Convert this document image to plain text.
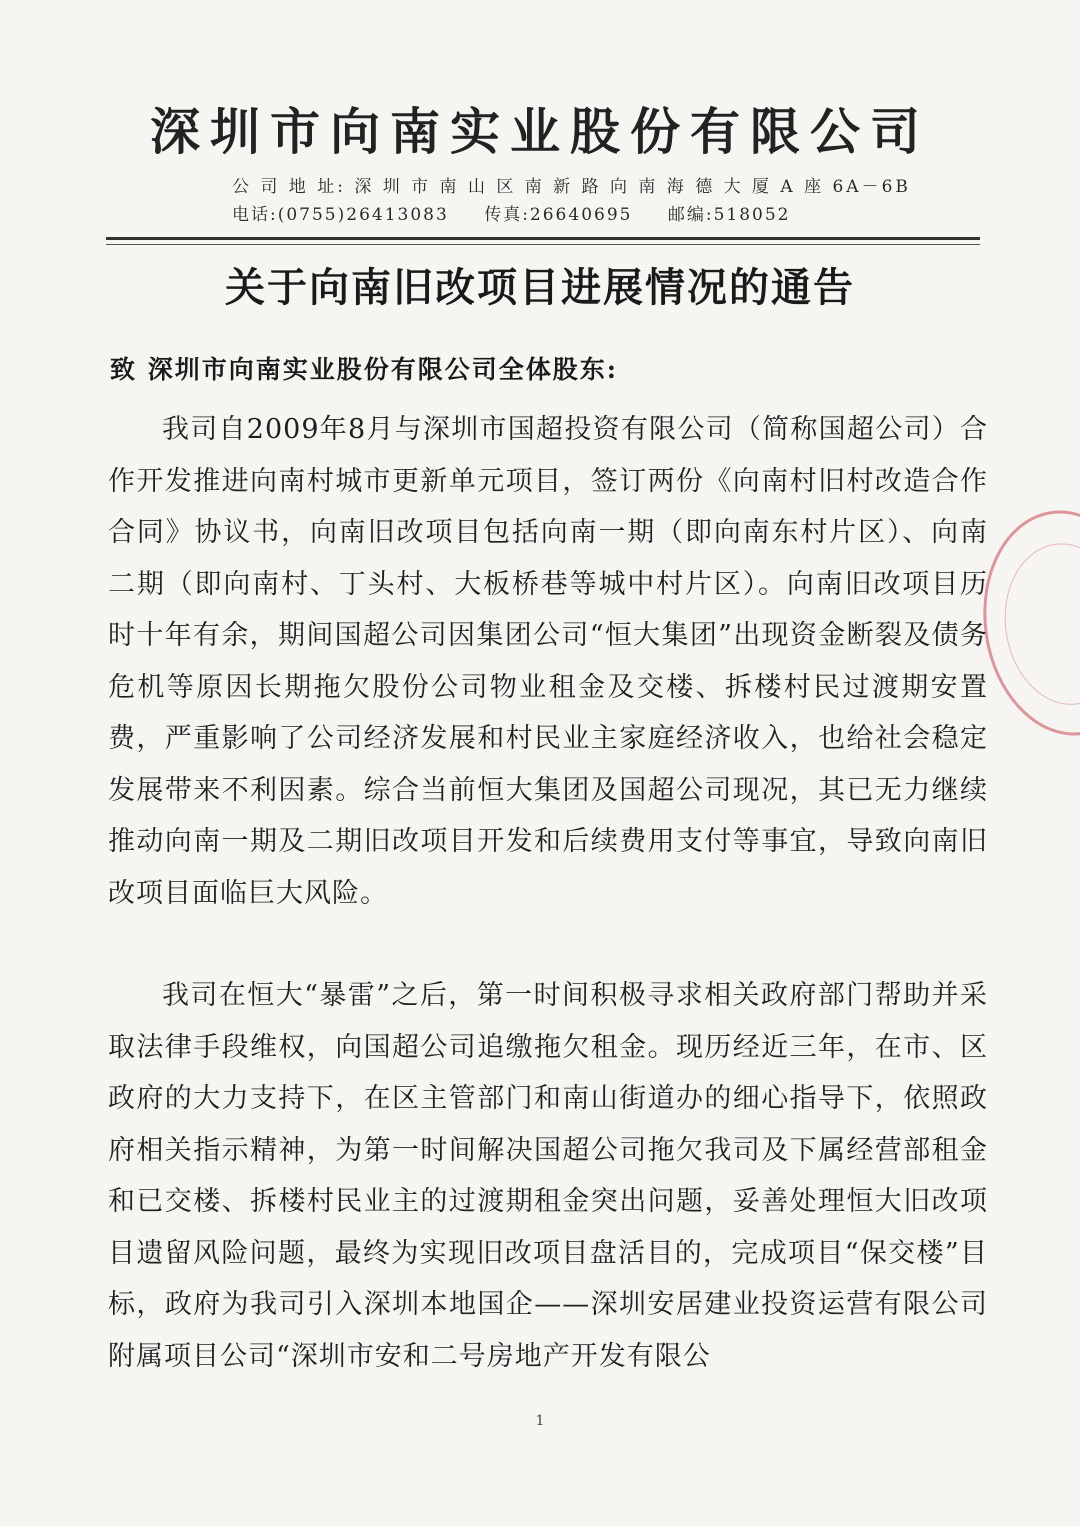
深圳市向南实业股份有限公司
公 司 地 址: 深 圳 市 南 山 区 南 新 路 向 南 海 德 大 厦 A 座 6A－6B
电话:(0755)26413083 传真:26640695 邮编:518052
关于向南旧改项目进展情况的通告
致 深圳市向南实业股份有限公司全体股东:
我司自2009年8月与深圳市国超投资有限公司（简称国超公司）合作开发推进向南村城市更新单元项目，签订两份《向南村旧村改造合作合同》协议书，向南旧改项目包括向南一期（即向南东村片区）、向南二期（即向南村、丁头村、大板桥巷等城中村片区）。向南旧改项目历时十年有余，期间国超公司因集团公司“恒大集团”出现资金断裂及债务危机等原因长期拖欠股份公司物业租金及交楼、拆楼村民过渡期安置费，严重影响了公司经济发展和村民业主家庭经济收入，也给社会稳定发展带来不利因素。综合当前恒大集团及国超公司现况，其已无力继续推动向南一期及二期旧改项目开发和后续费用支付等事宜，导致向南旧改项目面临巨大风险。
我司在恒大“暴雷”之后，第一时间积极寻求相关政府部门帮助并采取法律手段维权，向国超公司追缴拖欠租金。现历经近三年，在市、区政府的大力支持下，在区主管部门和南山街道办的细心指导下，依照政府相关指示精神，为第一时间解决国超公司拖欠我司及下属经营部租金和已交楼、拆楼村民业主的过渡期租金突出问题，妥善处理恒大旧改项目遗留风险问题，最终为实现旧改项目盘活目的，完成项目“保交楼”目标，政府为我司引入深圳本地国企——深圳安居建业投资运营有限公司附属项目公司“深圳市安和二号房地产开发有限公
1
